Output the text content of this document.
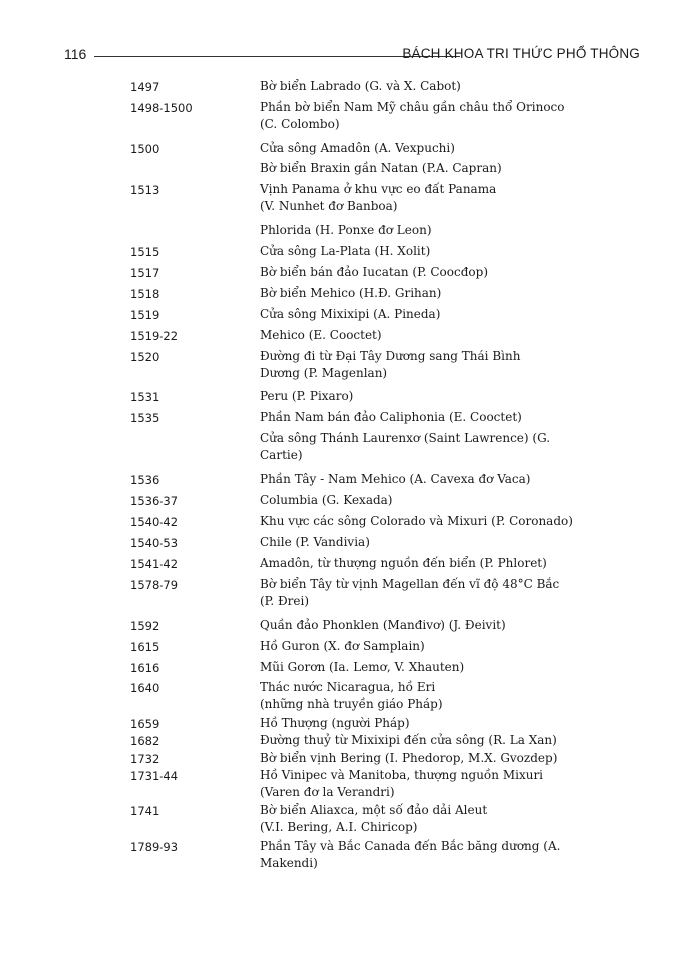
116	BÁCH KHOA TRI THỨC PHỔ THÔNG
1497	Bờ biển Labrado (G. và X. Cabot)
1498-1500	Phần bờ biển Nam Mỹ châu gần châu thổ Orinoco
(C. Colombo)
1500	Cửa sông Amadôn (A. Vexpuchi)
Bờ biển Braxin gần Natan (P.A. Capran)
1513	Vịnh Panama ở khu vực eo đất Panama
(V. Nunhet đơ Banboa)
Phlorida (H. Ponxe đơ Leon)
1515	Cửa sông La-Plata (H. Xolit)
1517	Bờ biển bán đảo Iucatan (P. Coocđop)
1518	Bờ biển Mehico (H.Đ. Grihan)
1519	Cửa sông Mixixipi (A. Pineda)
1519-22	Mehico (E. Cooctet)
1520	Đường đi từ Đại Tây Dương sang Thái Bình
Dương (P. Magenlan)
1531	Peru (P. Pixaro)
1535	Phần Nam bán đảo Caliphonia (E. Cooctet)
Cửa sông Thánh Laurenxơ (Saint Lawrence) (G.
Cartie)
1536	Phần Tây - Nam Mehico (A. Cavexa đơ Vaca)
1536-37	Columbia (G. Kexada)
1540-42	Khu vực các sông Colorado và Mixuri (P. Coronado)
1540-53	Chile (P. Vandivia)
1541-42	Amadôn, từ thượng nguồn đến biển (P. Phloret)
1578-79	Bờ biển Tây từ vịnh Magellan đến vĩ độ 48°C Bắc
(P. Đrei)
1592	Quần đảo Phonklen (Manđivơ) (J. Đeivit)
1615	Hồ Guron (X. đơ Samplain)
1616	Mũi Gorơn (Ia. Lemơ, V. Xhauten)
1640	Thác nước Nicaragua, hồ Eri
(những nhà truyền giáo Pháp)
1659	Hồ Thượng (người Pháp)
1682	Đường thuỷ từ Mixixipi đến cửa sông (R. La Xan)
1732	Bờ biển vịnh Bering (I. Phedorop, M.X. Gvozdep)
1731-44	Hồ Vinipec và Manitoba, thượng nguồn Mixuri
(Varen đơ la Verandri)
1741	Bờ biển Aliaxca, một số đảo dải Aleut
(V.I. Bering, A.I. Chiricop)
1789-93	Phần Tây và Bắc Canada đến Bắc băng dương (A.
Makendi)
